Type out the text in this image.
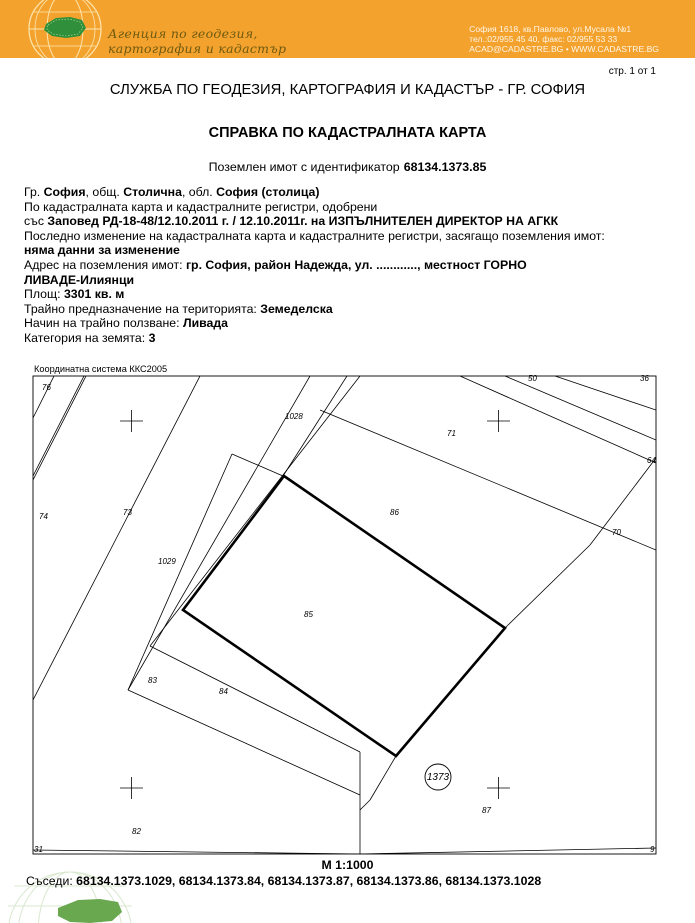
Агенция по геодезия,
картография и кадастър
София 1618, кв.Павлово, ул.Мусала №1
тел.:02/955 45 40, факс: 02/955 53 33
ACAD@CADASTRE.BG • WWW.CADASTRE.BG
стр. 1 от 1
СЛУЖБА ПО ГЕОДЕЗИЯ, КАРТОГРАФИЯ И КАДАСТЪР - ГР. СОФИЯ
СПРАВКА ПО КАДАСТРАЛНАТА КАРТА
Поземлен имот с идентификатор 68134.1373.85
Гр. София, общ. Столична, обл. София (столица)
По кадастралната карта и кадастралните регистри, одобрени
със Заповед РД-18-48/12.10.2011 г. / 12.10.2011г. на ИЗПЪЛНИТЕЛЕН ДИРЕКТОР НА АГКК
Последно изменение на кадастралната карта и кадастралните регистри, засягащо поземления имот:
няма данни за изменение
Адрес на поземления имот: гр. София, район Надежда, ул. ............, местност ГОРНО
ЛИВАДЕ-Илиянци
Площ: 3301 кв. м
Трайно предназначение на територията: Земеделска
Начин на трайно ползване: Ливада
Категория на земята: 3
Координатна система ККС2005
1373
76
74	73
1028
71
64
86
70
1029
85
83
84
87
82
31	9
50	36
М 1:1000
Съседи: 68134.1373.1029, 68134.1373.84, 68134.1373.87, 68134.1373.86, 68134.1373.1028
